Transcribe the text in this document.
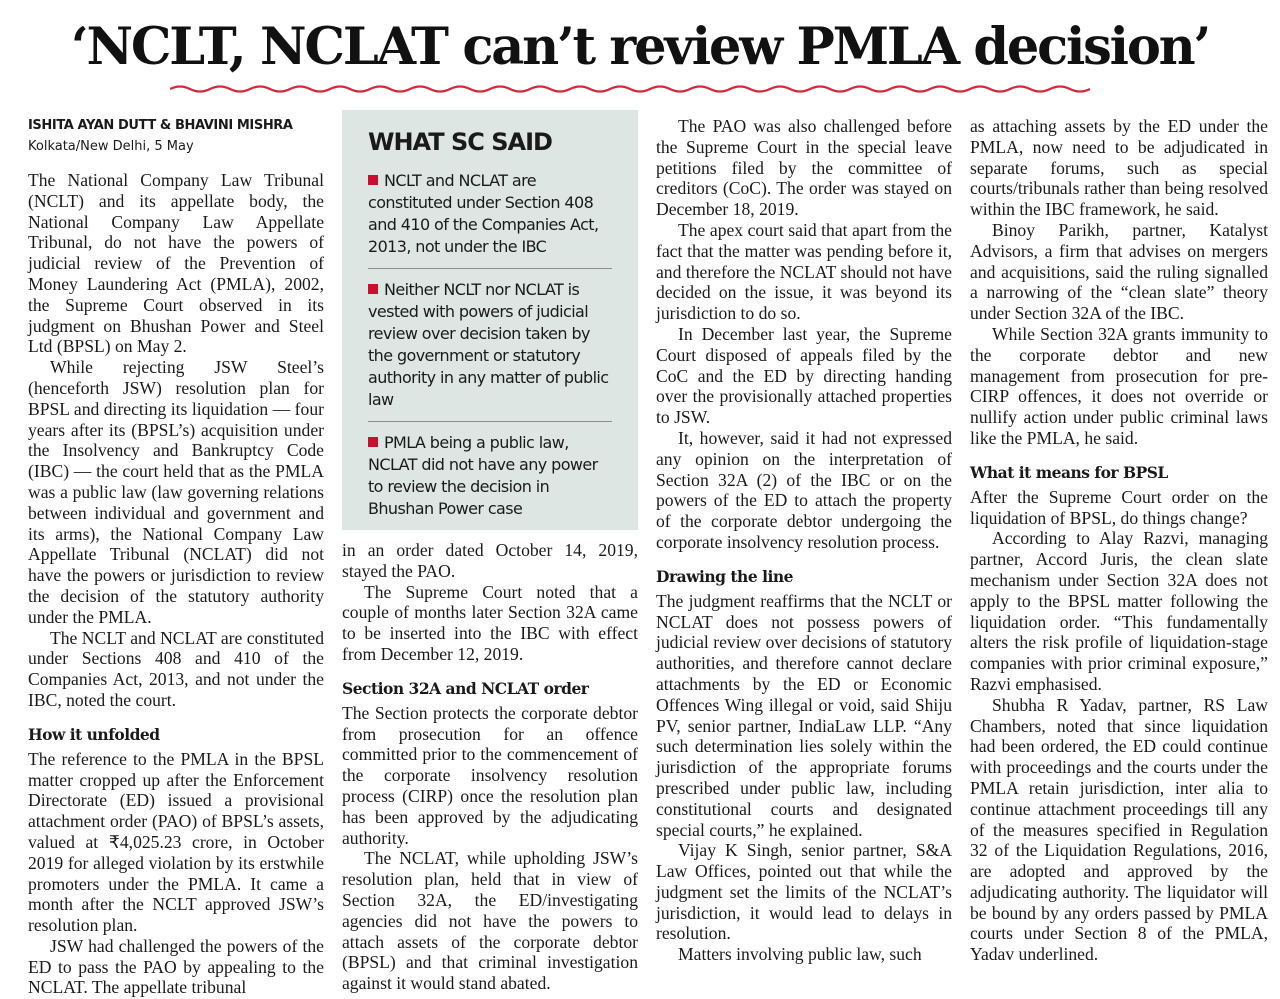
‘NCLT, NCLAT can’t review PMLA decision’
ISHITA AYAN DUTT & BHAVINI MISHRA
Kolkata/New Delhi, 5 May

The National Company Law Tribunal (NCLT) and its appellate body, the National Company Law Appellate Tribunal, do not have the powers of judicial review of the Prevention of Money Laundering Act (PMLA), 2002, the Supreme Court observed in its judgment on Bhushan Power and Steel Ltd (BPSL) on May 2.

While rejecting JSW Steel’s (henceforth JSW) resolution plan for BPSL and directing its liquidation — four years after its (BPSL’s) acquisition under the Insolvency and Bankruptcy Code (IBC) — the court held that as the PMLA was a public law (law governing relations between individual and government and its arms), the National Company Law Appellate Tribunal (NCLAT) did not have the powers or jurisdiction to review the decision of the statutory authority under the PMLA.

The NCLT and NCLAT are constituted under Sections 408 and 410 of the Companies Act, 2013, and not under the IBC, noted the court.

How it unfolded

The reference to the PMLA in the BPSL matter cropped up after the Enforcement Directorate (ED) issued a provisional attachment order (PAO) of BPSL’s assets, valued at ₹4,025.23 crore, in October 2019 for alleged violation by its erstwhile promoters under the PMLA. It came a month after the NCLT approved JSW’s resolution plan.

JSW had challenged the powers of the ED to pass the PAO by appealing to the NCLAT. The appellate tribunal

WHAT SC SAID
NCLT and NCLAT are constituted under Section 408 and 410 of the Companies Act, 2013, not under the IBC
Neither NCLT nor NCLAT is vested with powers of judicial review over decision taken by the government or statutory authority in any matter of public law
PMLA being a public law, NCLAT did not have any power to review the decision in Bhushan Power case

in an order dated October 14, 2019, stayed the PAO.

The Supreme Court noted that a couple of months later Section 32A came to be inserted into the IBC with effect from December 12, 2019.

Section 32A and NCLAT order

The Section protects the corporate debtor from prosecution for an offence committed prior to the commencement of the corporate insolvency resolution process (CIRP) once the resolution plan has been approved by the adjudicating authority.

The NCLAT, while upholding JSW’s resolution plan, held that in view of Section 32A, the ED/investigating agencies did not have the powers to attach assets of the corporate debtor (BPSL) and that criminal investigation against it would stand abated.

The PAO was also challenged before the Supreme Court in the special leave petitions filed by the committee of creditors (CoC). The order was stayed on December 18, 2019.

The apex court said that apart from the fact that the matter was pending before it, and therefore the NCLAT should not have decided on the issue, it was beyond its jurisdiction to do so.

In December last year, the Supreme Court disposed of appeals filed by the CoC and the ED by directing handing over the provisionally attached properties to JSW.

It, however, said it had not expressed any opinion on the interpretation of Section 32A (2) of the IBC or on the powers of the ED to attach the property of the corporate debtor undergoing the corporate insolvency resolution process.

Drawing the line

The judgment reaffirms that the NCLT or NCLAT does not possess powers of judicial review over decisions of statutory authorities, and therefore cannot declare attachments by the ED or Economic Offences Wing illegal or void, said Shiju PV, senior partner, IndiaLaw LLP. “Any such determination lies solely within the jurisdiction of the appropriate forums prescribed under public law, including constitutional courts and designated special courts,” he explained.

Vijay K Singh, senior partner, S&A Law Offices, pointed out that while the judgment set the limits of the NCLAT’s jurisdiction, it would lead to delays in resolution.

Matters involving public law, such

as attaching assets by the ED under the PMLA, now need to be adjudicated in separate forums, such as special courts/tribunals rather than being resolved within the IBC framework, he said.

Binoy Parikh, partner, Katalyst Advisors, a firm that advises on mergers and acquisitions, said the ruling signalled a narrowing of the “clean slate” theory under Section 32A of the IBC.

While Section 32A grants immunity to the corporate debtor and new management from prosecution for pre-CIRP offences, it does not override or nullify action under public criminal laws like the PMLA, he said.

What it means for BPSL

After the Supreme Court order on the liquidation of BPSL, do things change?

According to Alay Razvi, managing partner, Accord Juris, the clean slate mechanism under Section 32A does not apply to the BPSL matter following the liquidation order. “This fundamentally alters the risk profile of liquidation-stage companies with prior criminal exposure,” Razvi emphasised.

Shubha R Yadav, partner, RS Law Chambers, noted that since liquidation had been ordered, the ED could continue with proceedings and the courts under the PMLA retain jurisdiction, inter alia to continue attachment proceedings till any of the measures specified in Regulation 32 of the Liquidation Regulations, 2016, are adopted and approved by the adjudicating authority. The liquidator will be bound by any orders passed by PMLA courts under Section 8 of the PMLA, Yadav underlined.
